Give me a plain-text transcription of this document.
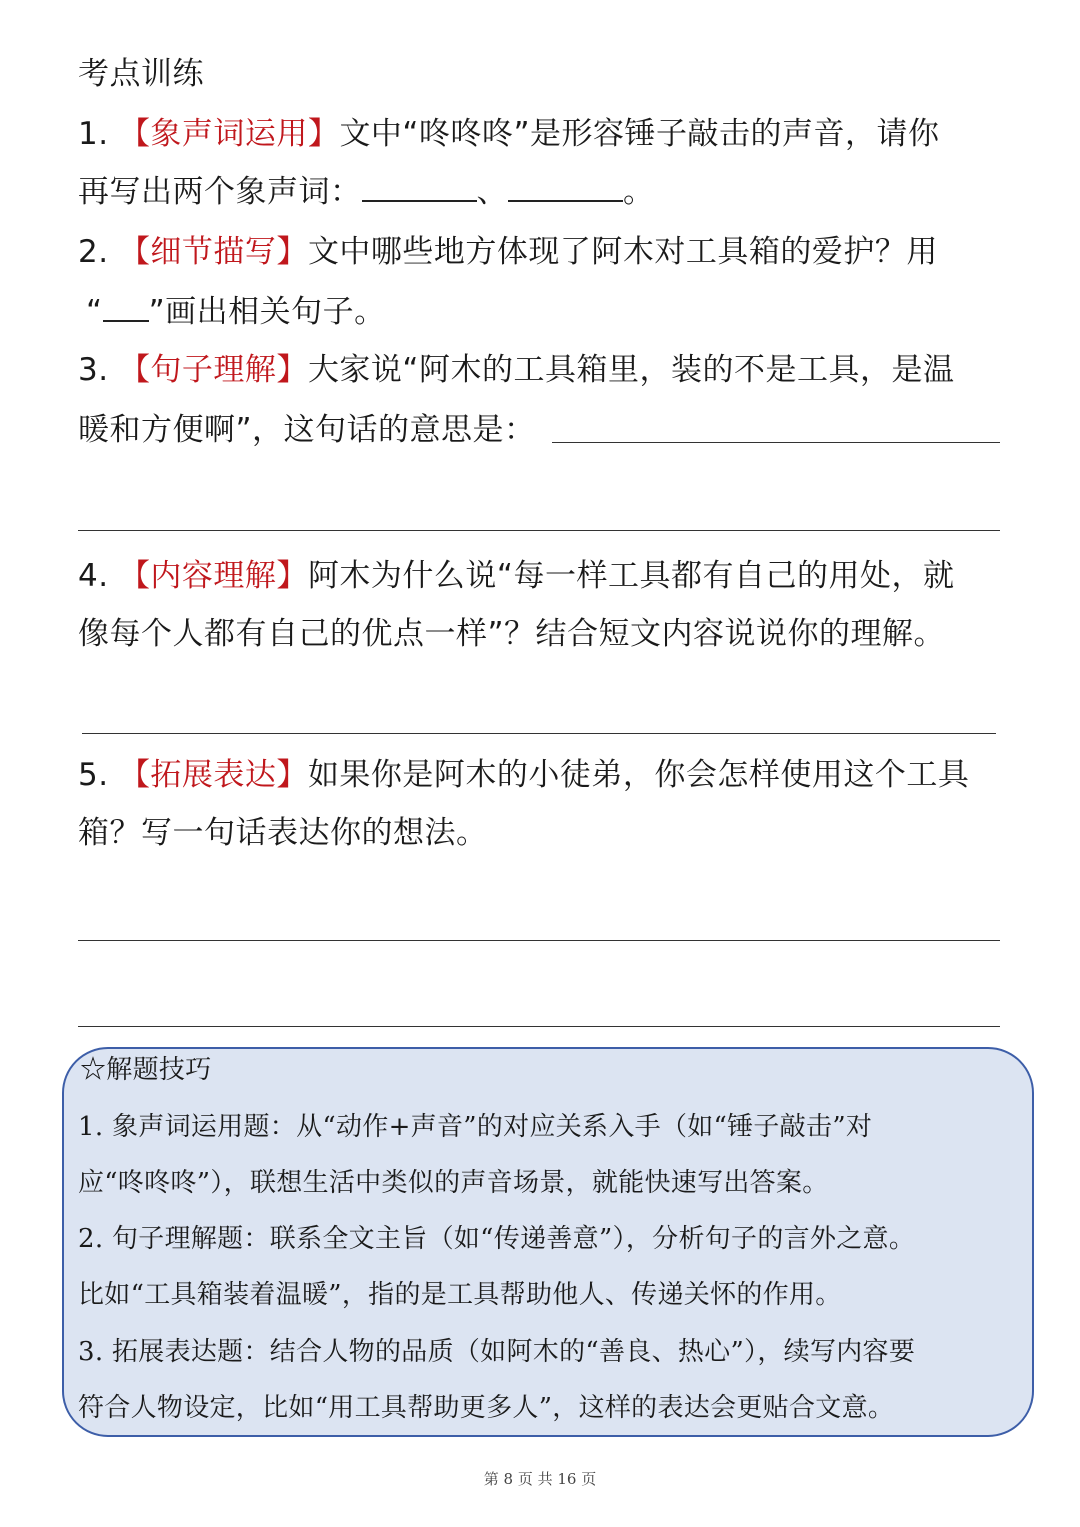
考点训练
1. 【象声词运用】文中“咚咚咚”是形容锤子敲击的声音，请你
再写出两个象声词：	、	。
2. 【细节描写】文中哪些地方体现了阿木对工具箱的爱护？用
“ ”画出相关句子。
3. 【句子理解】大家说“阿木的工具箱里，装的不是工具，是温
暖和方便啊”，这句话的意思是：
4. 【内容理解】阿木为什么说“每一样工具都有自己的用处，就
像每个人都有自己的优点一样”？结合短文内容说说你的理解。
5. 【拓展表达】如果你是阿木的小徒弟，你会怎样使用这个工具
箱？写一句话表达你的想法。
☆解题技巧
1. 象声词运用题：从“动作+声音”的对应关系入手（如“锤子敲击”对
应“咚咚咚”），联想生活中类似的声音场景，就能快速写出答案。
2. 句子理解题：联系全文主旨（如“传递善意”），分析句子的言外之意。
比如“工具箱装着温暖”，指的是工具帮助他人、传递关怀的作用。
3. 拓展表达题：结合人物的品质（如阿木的“善良、热心”），续写内容要
符合人物设定，比如“用工具帮助更多人”，这样的表达会更贴合文意。
第 8 页 共 16 页
